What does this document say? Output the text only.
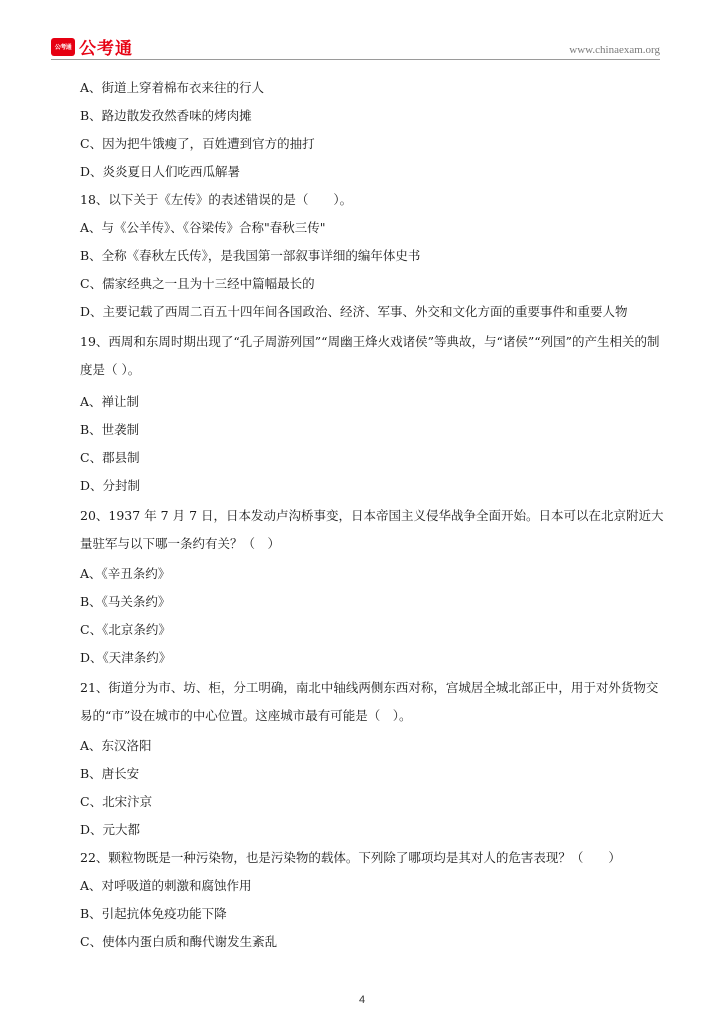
公考通 公考通	www.chinaexam.org
A、街道上穿着棉布衣来往的行人
B、路边散发孜然香味的烤肉摊
C、因为把牛饿瘦了，百姓遭到官方的抽打
D、炎炎夏日人们吃西瓜解暑
18、以下关于《左传》的表述错误的是（　　）。
A、与《公羊传》、《谷梁传》合称"春秋三传"
B、全称《春秋左氏传》，是我国第一部叙事详细的编年体史书
C、儒家经典之一且为十三经中篇幅最长的
D、主要记载了西周二百五十四年间各国政治、经济、军事、外交和文化方面的重要事件和重要人物
19、西周和东周时期出现了“孔子周游列国”“周幽王烽火戏诸侯”等典故，与“诸侯”“列国”的产生相关的制度是（ ）。
A、禅让制
B、世袭制
C、郡县制
D、分封制
20、1937 年 7 月 7 日，日本发动卢沟桥事变，日本帝国主义侵华战争全面开始。日本可以在北京附近大量驻军与以下哪一条约有关？（　）
A、《辛丑条约》
B、《马关条约》
C、《北京条约》
D、《天津条约》
21、街道分为市、坊、柜，分工明确，南北中轴线两侧东西对称，宫城居全城北部正中，用于对外货物交易的“市”设在城市的中心位置。这座城市最有可能是（　）。
A、东汉洛阳
B、唐长安
C、北宋汴京
D、元大都
22、颗粒物既是一种污染物，也是污染物的载体。下列除了哪项均是其对人的危害表现？（　　）
A、对呼吸道的刺激和腐蚀作用
B、引起抗体免疫功能下降
C、使体内蛋白质和酶代谢发生紊乱
4
